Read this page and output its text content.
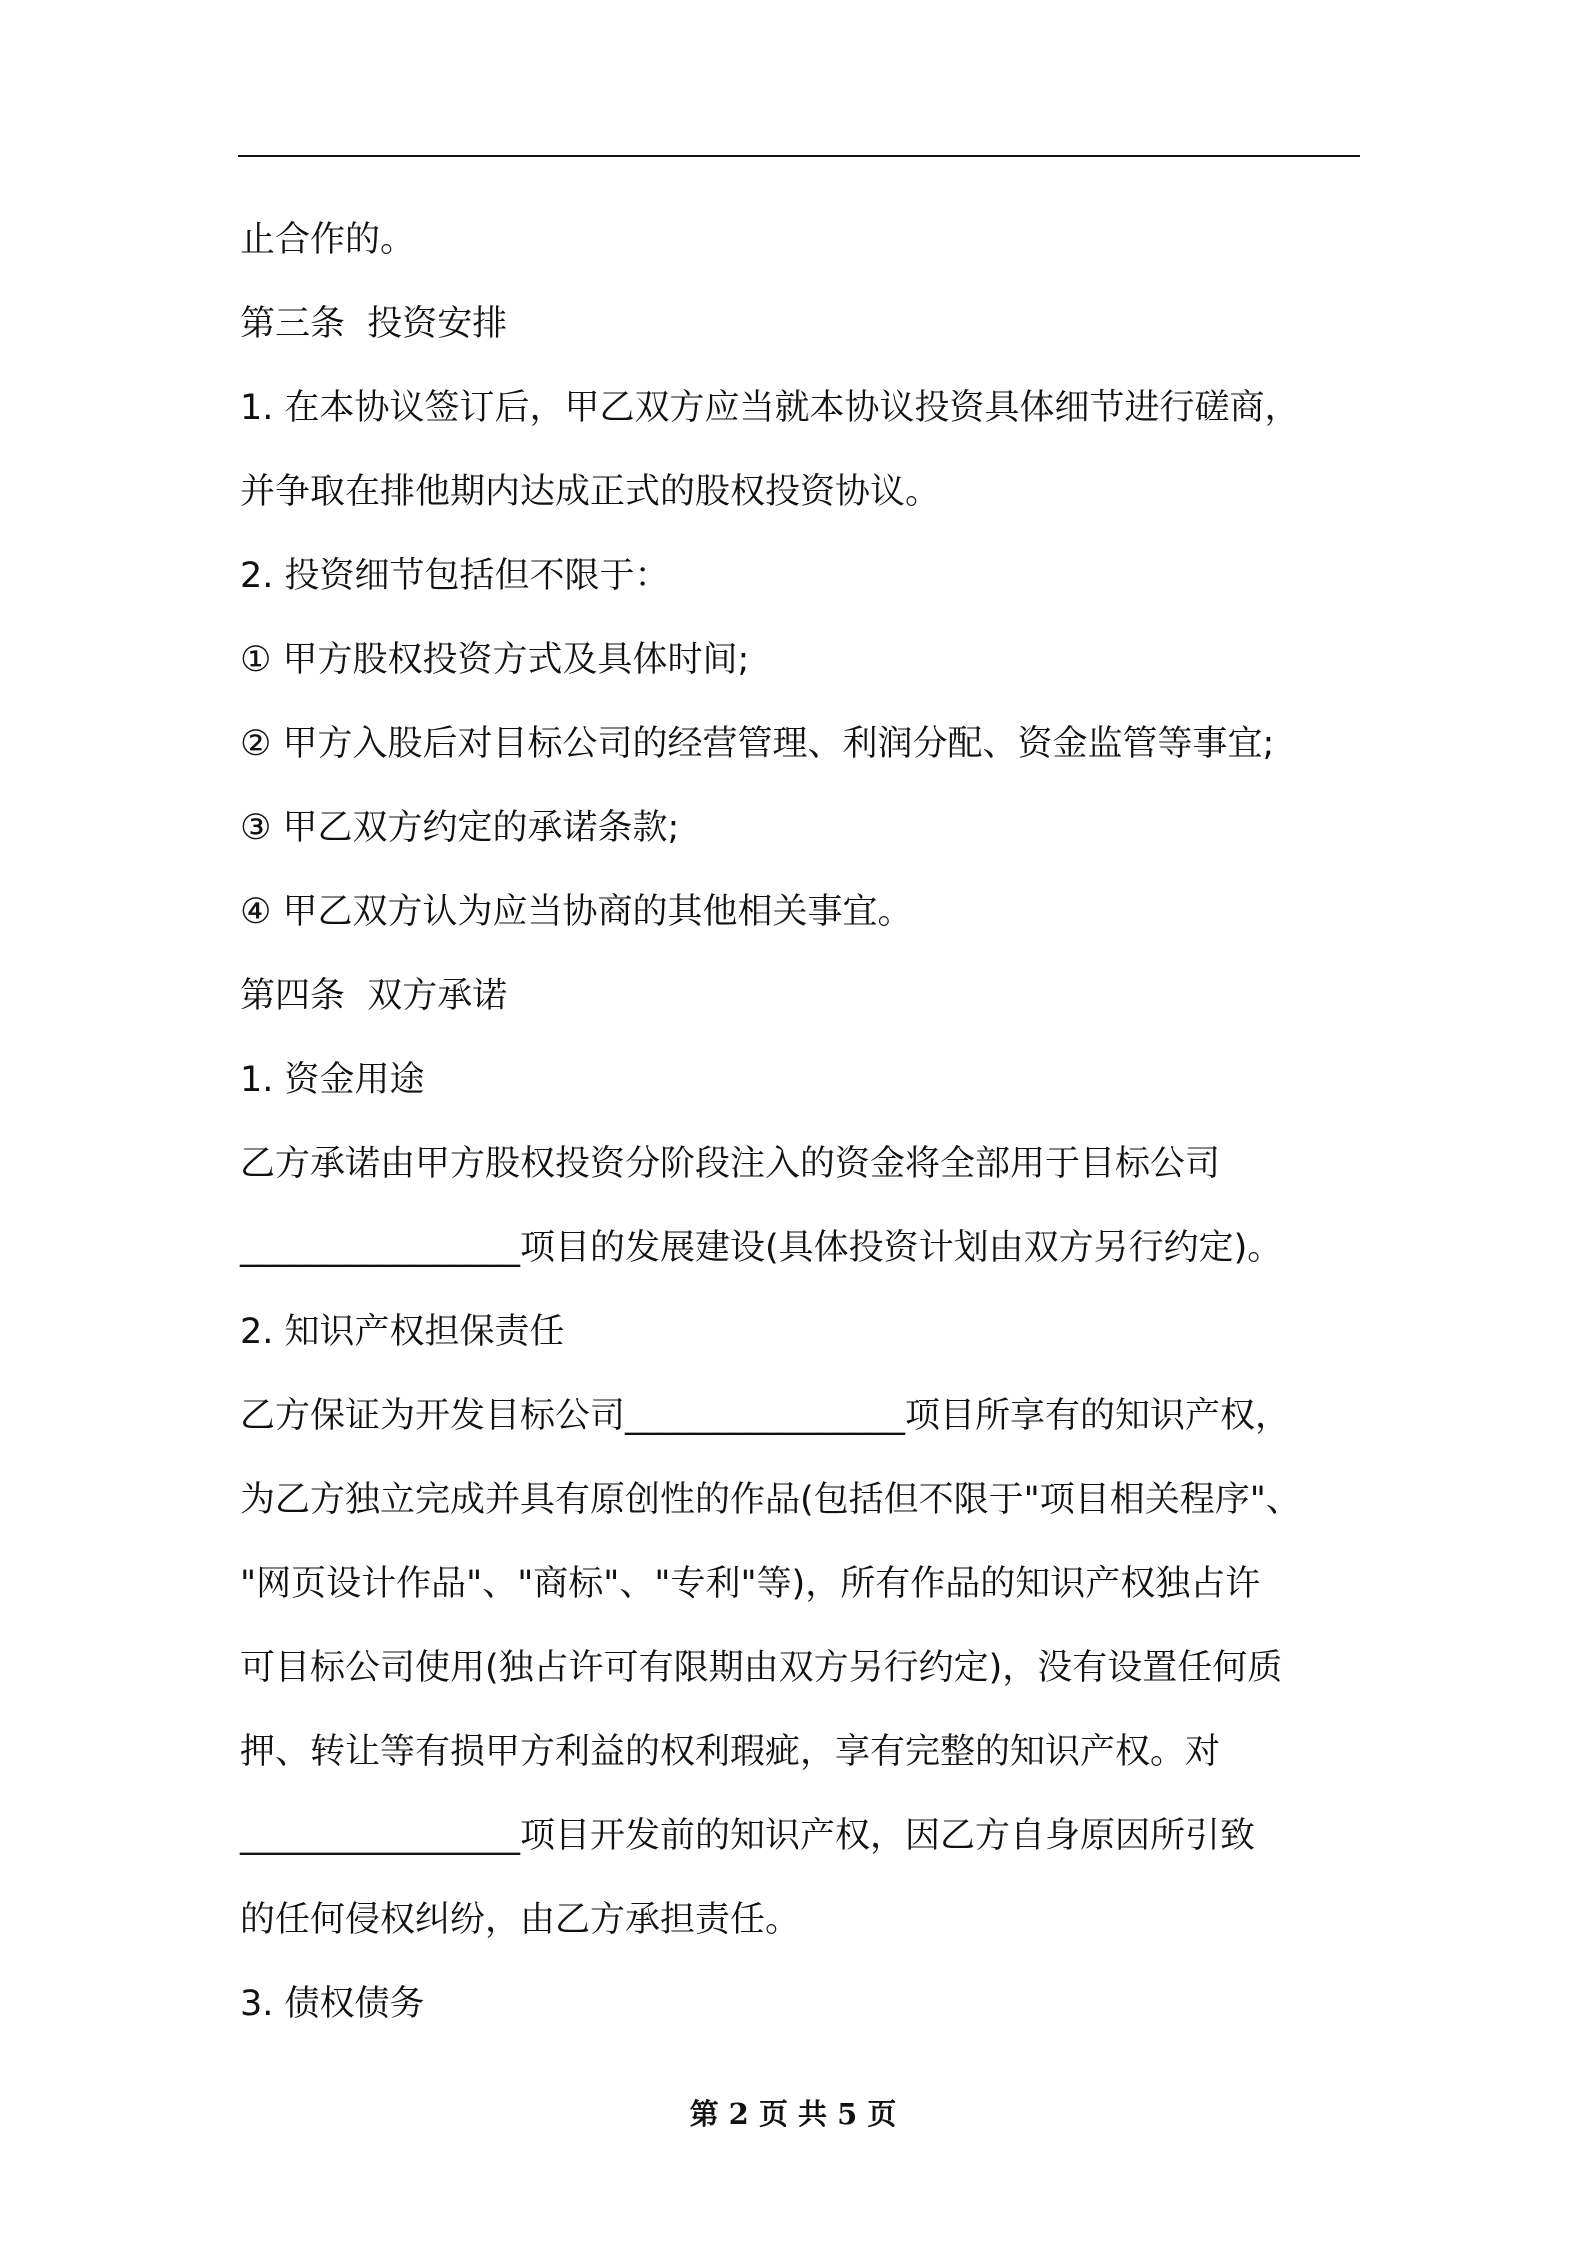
止合作的。
第三条  投资安排
1. 在本协议签订后，甲乙双方应当就本协议投资具体细节进行磋商，
并争取在排他期内达成正式的股权投资协议。
2. 投资细节包括但不限于：
① 甲方股权投资方式及具体时间;
② 甲方入股后对目标公司的经营管理、利润分配、资金监管等事宜;
③ 甲乙双方约定的承诺条款;
④ 甲乙双方认为应当协商的其他相关事宜。
第四条  双方承诺
1. 资金用途
乙方承诺由甲方股权投资分阶段注入的资金将全部用于目标公司
________________项目的发展建设(具体投资计划由双方另行约定)。
2. 知识产权担保责任
乙方保证为开发目标公司________________项目所享有的知识产权，
为乙方独立完成并具有原创性的作品(包括但不限于"项目相关程序"、
"网页设计作品"、"商标"、"专利"等)，所有作品的知识产权独占许
可目标公司使用(独占许可有限期由双方另行约定)，没有设置任何质
押、转让等有损甲方利益的权利瑕疵，享有完整的知识产权。对
________________项目开发前的知识产权，因乙方自身原因所引致
的任何侵权纠纷，由乙方承担责任。
3. 债权债务
第 2 页 共 5 页
